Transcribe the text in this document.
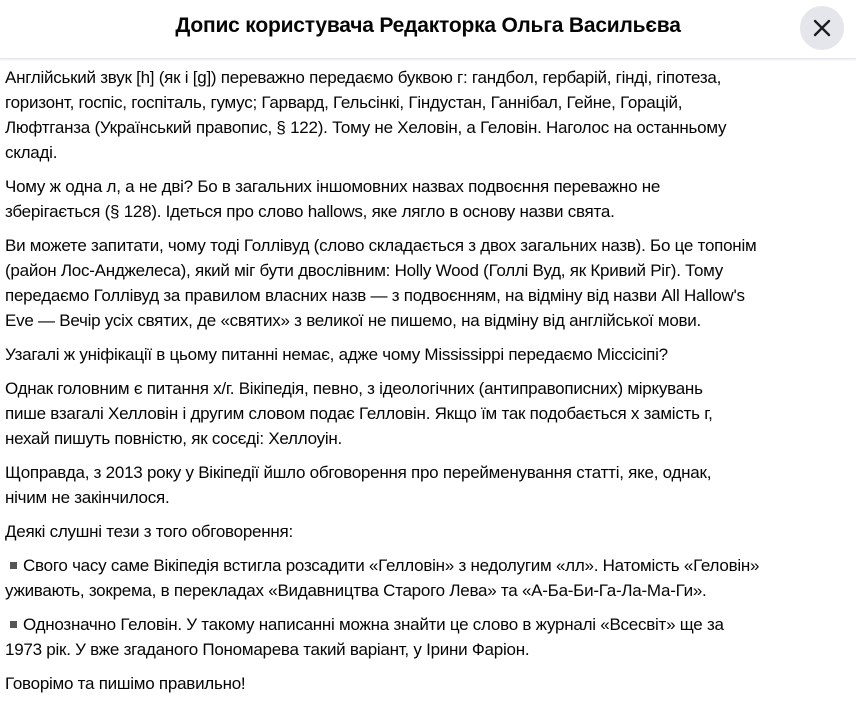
Допис користувача Редакторка Ольга Васильєва
Англійський звук [h] (як і [g]) переважно передаємо буквою г: гандбол, гербарій, гінді, гіпотеза,
горизонт, госпіс, госпіталь, гумус; Гарвард, Гельсінкі, Гіндустан, Ганнібал, Гейне, Горацій,
Люфтганза (Український правопис, § 122). Тому не Хеловін, а Геловін. Наголос на останньому
складі.
Чому ж одна л, а не дві? Бо в загальних іншомовних назвах подвоєння переважно не
зберігається (§ 128). Ідеться про слово hallows, яке лягло в основу назви свята.
Ви можете запитати, чому тоді Голлівуд (слово складається з двох загальних назв). Бо це топонім
(район Лос-Анджелеса), який міг бути двослівним: Holly Wood (Голлі Вуд, як Кривий Ріг). Тому
передаємо Голлівуд за правилом власних назв — з подвоєнням, на відміну від назви All Hallow's
Eve — Вечір усіх святих, де «святих» з великої не пишемо, на відміну від англійської мови.
Узагалі ж уніфікації в цьому питанні немає, адже чому Mississippi передаємо Міссісіпі?
Однак головним є питання х/г. Вікіпедія, певно, з ідеологічних (антиправописних) міркувань
пише взагалі Хелловін і другим словом подає Гелловін. Якщо їм так подобається х замість г,
нехай пишуть повністю, як сосєді: Хеллоуін.
Щоправда, з 2013 року у Вікіпедії йшло обговорення про перейменування статті, яке, однак,
нічим не закінчилося.
Деякі слушні тези з того обговорення:
Свого часу саме Вікіпедія встигла розсадити «Гелловін» з недолугим «лл». Натомість «Геловін»
уживають, зокрема, в перекладах «Видавництва Старого Лева» та «А-Ба-Би-Га-Ла-Ма-Ги».
Однозначно Геловін. У такому написанні можна знайти це слово в журналі «Всесвіт» ще за
1973 рік. У вже згаданого Пономарева такий варіант, у Ірини Фаріон.
Говорімо та пишімо правильно!
